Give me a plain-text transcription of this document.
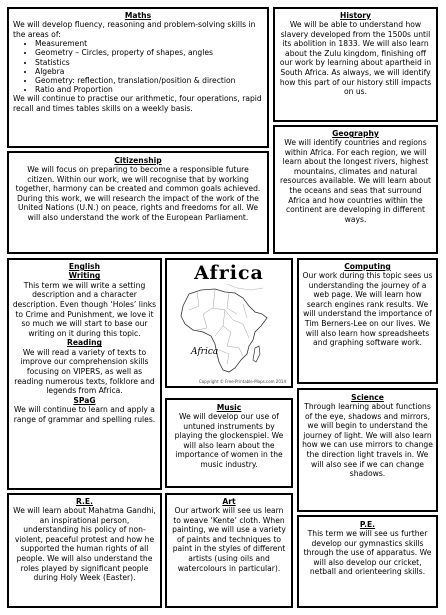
Maths
We will develop fluency, reasoning and problem-solving skills in the areas of:
• Measurement
• Geometry – Circles, property of shapes, angles
• Statistics
• Algebra
• Geometry: reflection, translation/position & direction
• Ratio and Proportion
We will continue to practise our arithmetic, four operations, rapid recall and times tables skills on a weekly basis.
History
We will be able to understand how slavery developed from the 1500s until its abolition in 1833. We will also learn about the Zulu kingdom, finishing off our work by learning about apartheid in South Africa. As always, we will identify how this part of our history still impacts on us.
Geography
We will identify countries and regions within Africa. For each region, we will learn about the longest rivers, highest mountains, climates and natural resources available. We will learn about the oceans and seas that surround Africa and how countries within the continent are developing in different ways.
Citizenship
We will focus on preparing to become a responsible future citizen. Within our work, we will recognise that by working together, harmony can be created and common goals achieved. During this work, we will research the impact of the work of the United Nations (U.N.) on peace, rights and freedoms for all. We will also understand the work of the European Parliament.
English
Writing
This term we will write a setting description and a character description. Even though ‘Holes’ links to Crime and Punishment, we love it so much we will start to base our writing on it during this topic.
Reading
We will read a variety of texts to improve our comprehension skills focusing on VIPERS, as well as reading numerous texts, folklore and legends from Africa.
SPaG
We will continue to learn and apply a range of grammar and spelling rules.
Africa
Africa
Copyright © Free-Printable-Maps.com 2014
Computing
Our work during this topic sees us understanding the journey of a web page. We will learn how search engines rank results. We will understand the importance of Tim Berners-Lee on our lives. We will also learn how spreadsheets and graphing software work.
Music
We will develop our use of untuned instruments by playing the glockenspiel. We will also learn about the importance of women in the music industry.
Science
Through learning about functions of the eye, shadows and mirrors, we will begin to understand the journey of light. We will also learn how we can use mirrors to change the direction light travels in. We will also see if we can change shadows.
R.E.
We will learn about Mahatma Gandhi, an inspirational person, understanding his policy of non-violent, peaceful protest and how he supported the human rights of all people. We will also understand the roles played by significant people during Holy Week (Easter).
Art
Our artwork will see us learn to weave ‘Kente’ cloth. When painting, we will use a variety of paints and techniques to paint in the styles of different artists (using oils and watercolours in particular).
P.E.
This term we will see us further develop our gymnastics skills through the use of apparatus. We will also develop our cricket, netball and orienteering skills.
